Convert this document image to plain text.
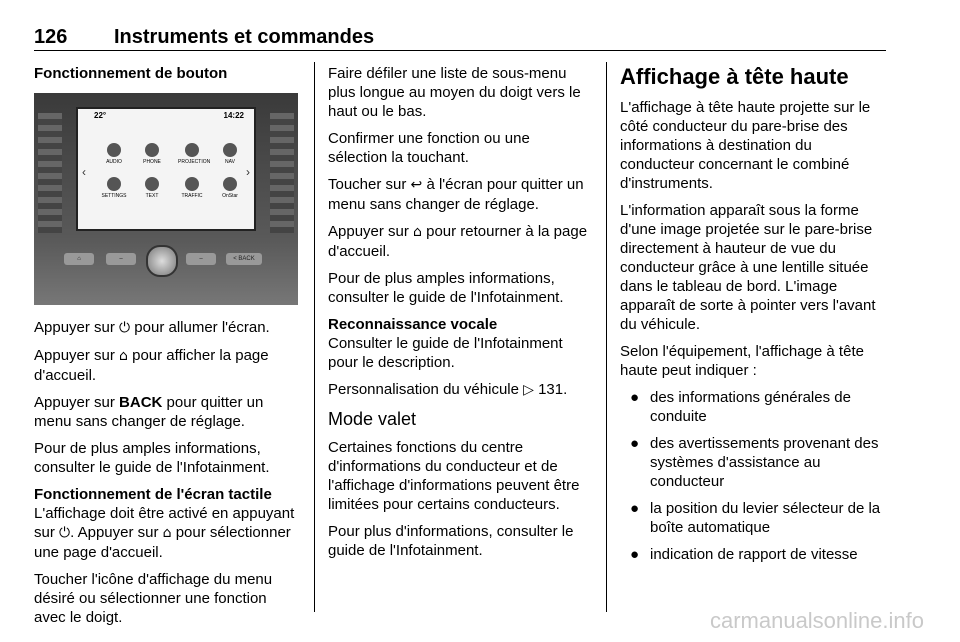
126 Instruments et commandes

Fonctionnement de bouton

22°	14:22
‹	›
AUDIO	PHONE	PROJECTION	NAV
SETTINGS	TEXT	TRAFFIC	OnStar
⌂	–	–	< BACK

Appuyer sur ⏻ pour allumer l'écran.

Appuyer sur ⌂ pour afficher la page d'accueil.

Appuyer sur BACK pour quitter un menu sans changer de réglage.

Pour de plus amples informations, consulter le guide de l'Infotainment.

Fonctionnement de l'écran tactile

L'affichage doit être activé en appuyant sur ⏻. Appuyer sur ⌂ pour sélectionner une page d'accueil.

Toucher l'icône d'affichage du menu désiré ou sélectionner une fonction avec le doigt.

Faire défiler une liste de sous-menu plus longue au moyen du doigt vers le haut ou le bas.

Confirmer une fonction ou une sélection la touchant.

Toucher sur ↩ à l'écran pour quitter un menu sans changer de réglage.

Appuyer sur ⌂ pour retourner à la page d'accueil.

Pour de plus amples informations, consulter le guide de l'Infotainment.

Reconnaissance vocale

Consulter le guide de l'Infotainment pour le description.

Personnalisation du véhicule ▷ 131.

Mode valet

Certaines fonctions du centre d'informations du conducteur et de l'affichage d'informations peuvent être limitées pour certains conducteurs.

Pour plus d'informations, consulter le guide de l'Infotainment.

Affichage à tête haute

L'affichage à tête haute projette sur le côté conducteur du pare-brise des informations à destination du conducteur concernant le combiné d'instruments.

L'information apparaît sous la forme d'une image projetée sur le pare-brise directement à hauteur de vue du conducteur grâce à une lentille située dans le tableau de bord. L'image apparaît de sorte à pointer vers l'avant du véhicule.

Selon l'équipement, l'affichage à tête haute peut indiquer :

● des informations générales de conduite
● des avertissements provenant des systèmes d'assistance au conducteur
● la position du levier sélecteur de la boîte automatique
● indication de rapport de vitesse
carmanualsonline.info
